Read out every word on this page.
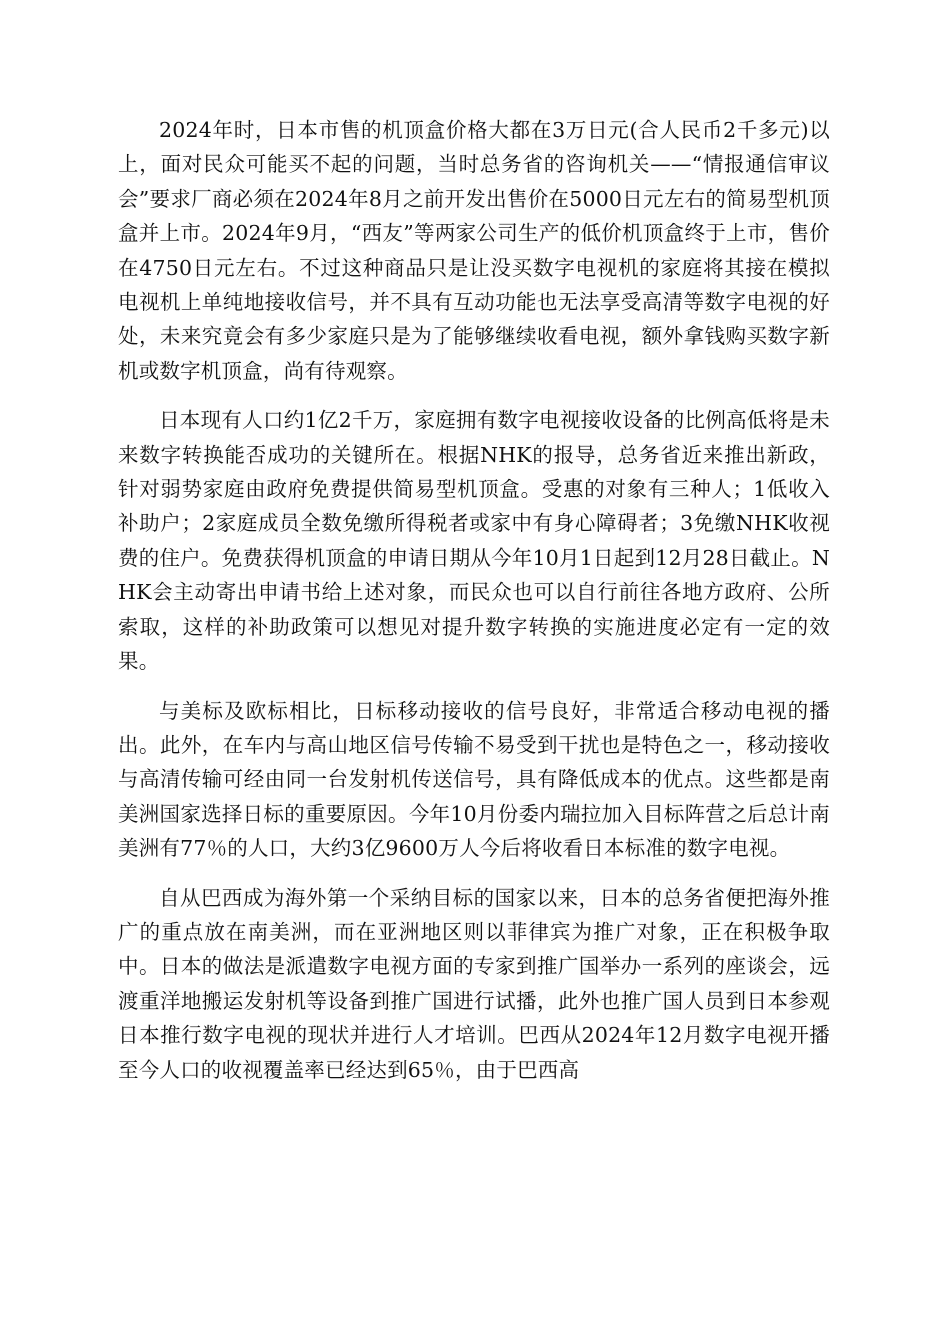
2024年时，日本市售的机顶盒价格大都在3万日元(合人民币2千多元)以上，面对民众可能买不起的问题，当时总务省的咨询机关——“情报通信审议会”要求厂商必须在2024年8月之前开发出售价在5000日元左右的简易型机顶盒并上市。2024年9月，“西友”等两家公司生产的低价机顶盒终于上市，售价在4750日元左右。不过这种商品只是让没买数字电视机的家庭将其接在模拟电视机上单纯地接收信号，并不具有互动功能也无法享受高清等数字电视的好处，未来究竟会有多少家庭只是为了能够继续收看电视，额外拿钱购买数字新机或数字机顶盒，尚有待观察。

日本现有人口约1亿2千万，家庭拥有数字电视接收设备的比例高低将是未来数字转换能否成功的关键所在。根据NHK的报导，总务省近来推出新政，针对弱势家庭由政府免费提供简易型机顶盒。受惠的对象有三种人；1低收入补助户；2家庭成员全数免缴所得税者或家中有身心障碍者；3免缴NHK收视费的住户。免费获得机顶盒的申请日期从今年10月1日起到12月28日截止。NHK会主动寄出申请书给上述对象，而民众也可以自行前往各地方政府、公所索取，这样的补助政策可以想见对提升数字转换的实施进度必定有一定的效果。

与美标及欧标相比，日标移动接收的信号良好，非常适合移动电视的播出。此外，在车内与高山地区信号传输不易受到干扰也是特色之一，移动接收与高清传输可经由同一台发射机传送信号，具有降低成本的优点。这些都是南美洲国家选择日标的重要原因。今年10月份委内瑞拉加入目标阵营之后总计南美洲有77％的人口，大约3亿9600万人今后将收看日本标准的数字电视。

自从巴西成为海外第一个采纳目标的国家以来，日本的总务省便把海外推广的重点放在南美洲，而在亚洲地区则以菲律宾为推广对象，正在积极争取中。日本的做法是派遣数字电视方面的专家到推广国举办一系列的座谈会，远渡重洋地搬运发射机等设备到推广国进行试播，此外也推广国人员到日本参观日本推行数字电视的现状并进行人才培训。巴西从2024年12月数字电视开播至今人口的收视覆盖率已经达到65％，由于巴西高
